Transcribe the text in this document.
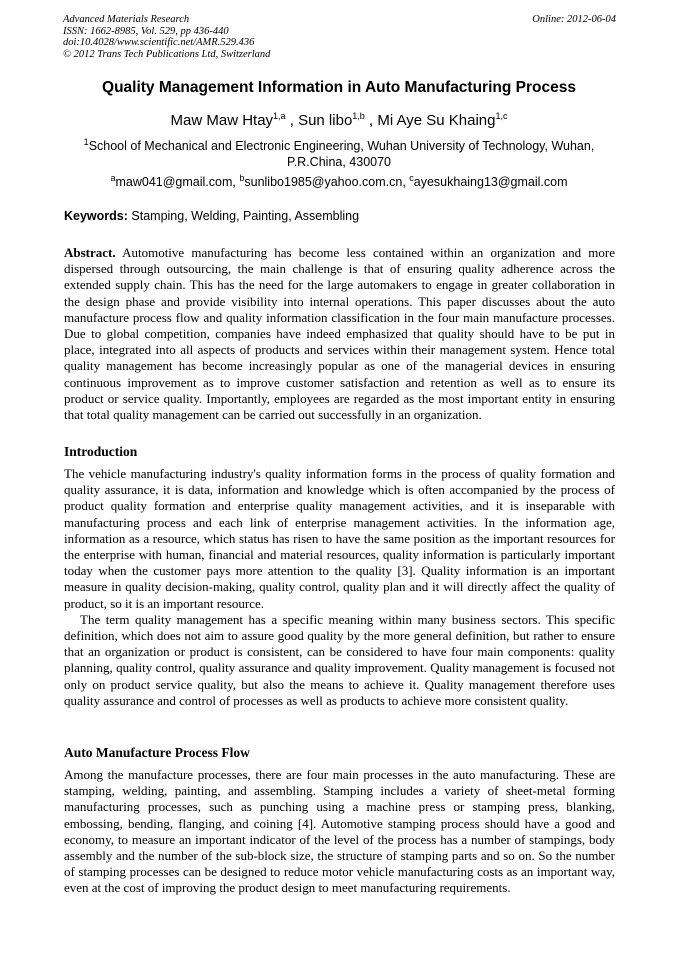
Advanced Materials Research
ISSN: 1662-8985, Vol. 529, pp 436-440
doi:10.4028/www.scientific.net/AMR.529.436
© 2012 Trans Tech Publications Ltd, Switzerland
Online: 2012-06-04
Quality Management Information in Auto Manufacturing Process
Maw Maw Htay$^{1,a}$ , Sun libo$^{1,b}$ , Mi Aye Su Khaing$^{1,c}$
$^1$School of Mechanical and Electronic Engineering, Wuhan University of Technology, Wuhan, P.R.China, 430070
$^a$maw041@gmail.com, $^b$sunlibo1985@yahoo.com.cn, $^c$ayesukhaing13@gmail.com
Keywords: Stamping, Welding, Painting, Assembling

Abstract. Automotive manufacturing has become less contained within an organization and more dispersed through outsourcing, the main challenge is that of ensuring quality adherence across the extended supply chain. This has the need for the large automakers to engage in greater collaboration in the design phase and provide visibility into internal operations. This paper discusses about the auto manufacture process flow and quality information classification in the four main manufacture processes. Due to global competition, companies have indeed emphasized that quality should have to be put in place, integrated into all aspects of products and services within their management system. Hence total quality management has become increasingly popular as one of the managerial devices in ensuring continuous improvement as to improve customer satisfaction and retention as well as to ensure its product or service quality. Importantly, employees are regarded as the most important entity in ensuring that total quality management can be carried out successfully in an organization.

Introduction

The vehicle manufacturing industry's quality information forms in the process of quality formation and quality assurance, it is data, information and knowledge which is often accompanied by the process of product quality formation and enterprise quality management activities, and it is inseparable with manufacturing process and each link of enterprise management activities. In the information age, information as a resource, which status has risen to have the same position as the important resources for the enterprise with human, financial and material resources, quality information is particularly important today when the customer pays more attention to the quality [3]. Quality information is an important measure in quality decision-making, quality control, quality plan and it will directly affect the quality of product, so it is an important resource.

The term quality management has a specific meaning within many business sectors. This specific definition, which does not aim to assure good quality by the more general definition, but rather to ensure that an organization or product is consistent, can be considered to have four main components: quality planning, quality control, quality assurance and quality improvement. Quality management is focused not only on product service quality, but also the means to achieve it. Quality management therefore uses quality assurance and control of processes as well as products to achieve more consistent quality.

Auto Manufacture Process Flow

Among the manufacture processes, there are four main processes in the auto manufacturing. These are stamping, welding, painting, and assembling. Stamping includes a variety of sheet-metal forming manufacturing processes, such as punching using a machine press or stamping press, blanking, embossing, bending, flanging, and coining [4]. Automotive stamping process should have a good and economy, to measure an important indicator of the level of the process has a number of stampings, body assembly and the number of the sub-block size, the structure of stamping parts and so on. So the number of stamping processes can be designed to reduce motor vehicle manufacturing costs as an important way, even at the cost of improving the product design to meet manufacturing requirements.
